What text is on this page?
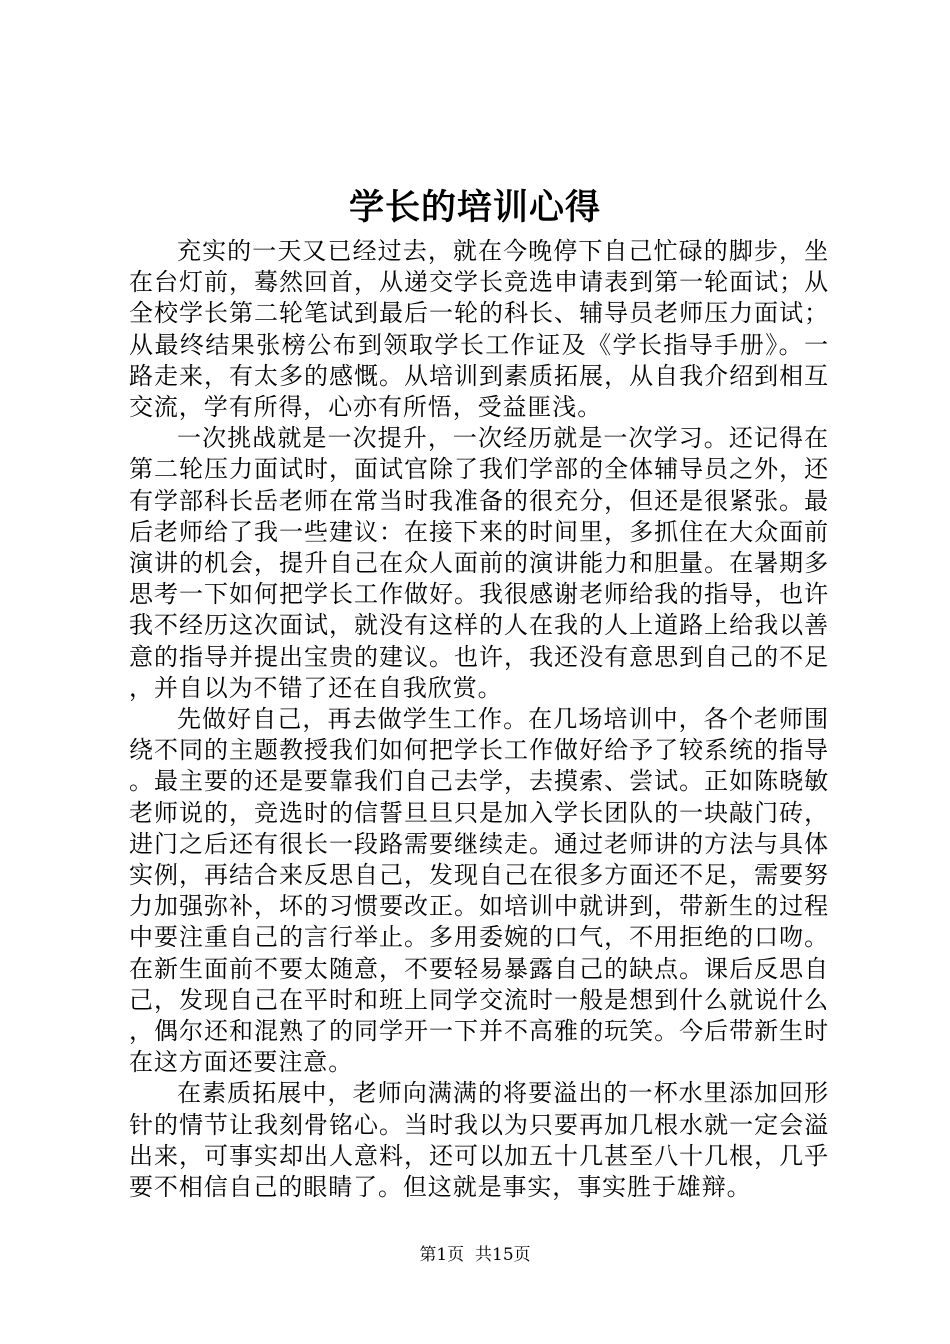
学长的培训心得

充实的一天又已经过去，就在今晚停下自己忙碌的脚步，坐在台灯前，蓦然回首，从递交学长竞选申请表到第一轮面试；从全校学长第二轮笔试到最后一轮的科长、辅导员老师压力面试；从最终结果张榜公布到领取学长工作证及《学长指导手册》。一路走来，有太多的感慨。从培训到素质拓展，从自我介绍到相互交流，学有所得，心亦有所悟，受益匪浅。

一次挑战就是一次提升，一次经历就是一次学习。还记得在第二轮压力面试时，面试官除了我们学部的全体辅导员之外，还有学部科长岳老师在常当时我准备的很充分，但还是很紧张。最后老师给了我一些建议：在接下来的时间里，多抓住在大众面前演讲的机会，提升自己在众人面前的演讲能力和胆量。在暑期多思考一下如何把学长工作做好。我很感谢老师给我的指导，也许我不经历这次面试，就没有这样的人在我的人上道路上给我以善意的指导并提出宝贵的建议。也许，我还没有意思到自己的不足，并自以为不错了还在自我欣赏。

先做好自己，再去做学生工作。在几场培训中，各个老师围绕不同的主题教授我们如何把学长工作做好给予了较系统的指导。最主要的还是要靠我们自己去学，去摸索、尝试。正如陈晓敏老师说的，竞选时的信誓旦旦只是加入学长团队的一块敲门砖，进门之后还有很长一段路需要继续走。通过老师讲的方法与具体实例，再结合来反思自己，发现自己在很多方面还不足，需要努力加强弥补，坏的习惯要改正。如培训中就讲到，带新生的过程中要注重自己的言行举止。多用委婉的口气，不用拒绝的口吻。在新生面前不要太随意，不要轻易暴露自己的缺点。课后反思自己，发现自己在平时和班上同学交流时一般是想到什么就说什么，偶尔还和混熟了的同学开一下并不高雅的玩笑。今后带新生时在这方面还要注意。

在素质拓展中，老师向满满的将要溢出的一杯水里添加回形针的情节让我刻骨铭心。当时我以为只要再加几根水就一定会溢出来，可事实却出人意料，还可以加五十几甚至八十几根，几乎要不相信自己的眼睛了。但这就是事实，事实胜于雄辩。

第1页 共15页
